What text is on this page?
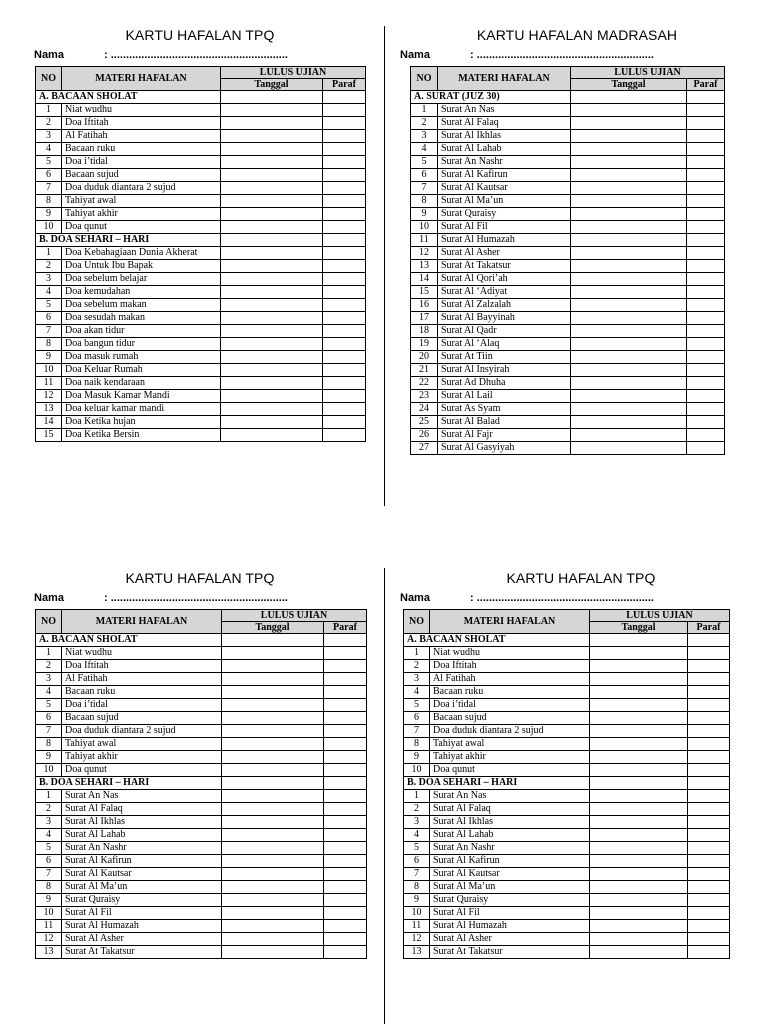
KARTU HAFALAN TPQ
Nama	: ..........................................................
NO	MATERI HAFALAN	LULUS UJIAN	
		Tanggal	Paraf
A. BACAAN SHOLAT			
1	Niat wudhu		
2	Doa Iftitah		
3	Al Fatihah		
4	Bacaan ruku		
5	Doa i’tidal		
6	Bacaan sujud		
7	Doa duduk diantara 2 sujud		
8	Tahiyat awal		
9	Tahiyat akhir		
10	Doa qunut		
B. DOA SEHARI – HARI			
1	Doa Kebahagiaan Dunia Akherat		
2	Doa Untuk Ibu Bapak		
3	Doa sebelum belajar		
4	Doa kemudahan		
5	Doa sebelum makan		
6	Doa sesudah makan		
7	Doa akan tidur		
8	Doa bangun tidur		
9	Doa masuk rumah		
10	Doa Keluar Rumah		
11	Doa naik kendaraan		
12	Doa Masuk Kamar Mandi		
13	Doa keluar kamar mandi		
14	Doa Ketika hujan		
15	Doa Ketika Bersin		
KARTU HAFALAN MADRASAH
Nama	: ..........................................................
NO	MATERI HAFALAN	LULUS UJIAN	
		Tanggal	Paraf
A. SURAT (JUZ 30)			
1	Surat An Nas		
2	Surat Al Falaq		
3	Surat Al Ikhlas		
4	Surat Al Lahab		
5	Surat An Nashr		
6	Surat Al Kafirun		
7	Surat Al Kautsar		
8	Surat Al Ma’un		
9	Surat Quraisy		
10	Surat Al Fil		
11	Surat Al Humazah		
12	Surat Al Asher		
13	Surat At Takatsur		
14	Surat Al Qori’ah		
15	Surat Al ‘Adiyat		
16	Surat Al Zalzalah		
17	Surat Al Bayyinah		
18	Surat Al Qadr		
19	Surat Al ‘Alaq		
20	Surat At Tiin		
21	Surat Al Insyirah		
22	Surat Ad Dhuha		
23	Surat Al Lail		
24	Surat As Syam		
25	Surat Al Balad		
26	Surat Al Fajr		
27	Surat Al Gasyiyah		
KARTU HAFALAN TPQ
Nama	: ..........................................................
NO	MATERI HAFALAN	LULUS UJIAN	
		Tanggal	Paraf
A. BACAAN SHOLAT			
1	Niat wudhu		
2	Doa Iftitah		
3	Al Fatihah		
4	Bacaan ruku		
5	Doa i’tidal		
6	Bacaan sujud		
7	Doa duduk diantara 2 sujud		
8	Tahiyat awal		
9	Tahiyat akhir		
10	Doa qunut		
B. DOA SEHARI – HARI			
1	Surat An Nas		
2	Surat Al Falaq		
3	Surat Al Ikhlas		
4	Surat Al Lahab		
5	Surat An Nashr		
6	Surat Al Kafirun		
7	Surat Al Kautsar		
8	Surat Al Ma’un		
9	Surat Quraisy		
10	Surat Al Fil		
11	Surat Al Humazah		
12	Surat Al Asher		
13	Surat At Takatsur		
KARTU HAFALAN TPQ
Nama	: ..........................................................
NO	MATERI HAFALAN	LULUS UJIAN	
		Tanggal	Paraf
A. BACAAN SHOLAT			
1	Niat wudhu		
2	Doa Iftitah		
3	Al Fatihah		
4	Bacaan ruku		
5	Doa i’tidal		
6	Bacaan sujud		
7	Doa duduk diantara 2 sujud		
8	Tahiyat awal		
9	Tahiyat akhir		
10	Doa qunut		
B. DOA SEHARI – HARI			
1	Surat An Nas		
2	Surat Al Falaq		
3	Surat Al Ikhlas		
4	Surat Al Lahab		
5	Surat An Nashr		
6	Surat Al Kafirun		
7	Surat Al Kautsar		
8	Surat Al Ma’un		
9	Surat Quraisy		
10	Surat Al Fil		
11	Surat Al Humazah		
12	Surat Al Asher		
13	Surat At Takatsur		
